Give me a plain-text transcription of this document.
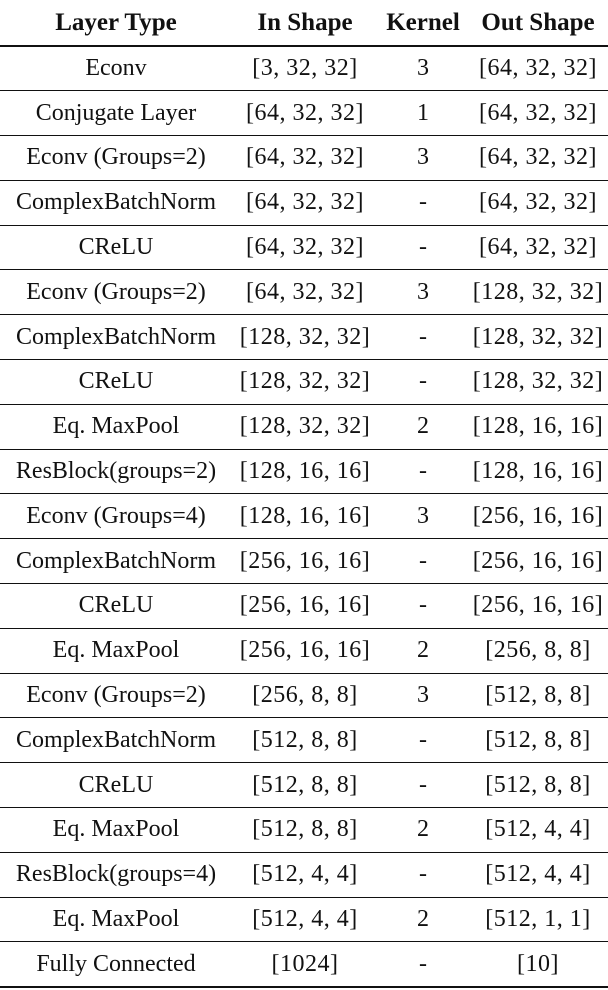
Layer Type	In Shape	Kernel	Out Shape
Econv	[3, 32, 32]	3	[64, 32, 32]
Conjugate Layer	[64, 32, 32]	1	[64, 32, 32]
Econv (Groups=2)	[64, 32, 32]	3	[64, 32, 32]
ComplexBatchNorm	[64, 32, 32]	-	[64, 32, 32]
CReLU	[64, 32, 32]	-	[64, 32, 32]
Econv (Groups=2)	[64, 32, 32]	3	[128, 32, 32]
ComplexBatchNorm	[128, 32, 32]	-	[128, 32, 32]
CReLU	[128, 32, 32]	-	[128, 32, 32]
Eq. MaxPool	[128, 32, 32]	2	[128, 16, 16]
ResBlock(groups=2)	[128, 16, 16]	-	[128, 16, 16]
Econv (Groups=4)	[128, 16, 16]	3	[256, 16, 16]
ComplexBatchNorm	[256, 16, 16]	-	[256, 16, 16]
CReLU	[256, 16, 16]	-	[256, 16, 16]
Eq. MaxPool	[256, 16, 16]	2	[256, 8, 8]
Econv (Groups=2)	[256, 8, 8]	3	[512, 8, 8]
ComplexBatchNorm	[512, 8, 8]	-	[512, 8, 8]
CReLU	[512, 8, 8]	-	[512, 8, 8]
Eq. MaxPool	[512, 8, 8]	2	[512, 4, 4]
ResBlock(groups=4)	[512, 4, 4]	-	[512, 4, 4]
Eq. MaxPool	[512, 4, 4]	2	[512, 1, 1]
Fully Connected	[1024]	-	[10]
